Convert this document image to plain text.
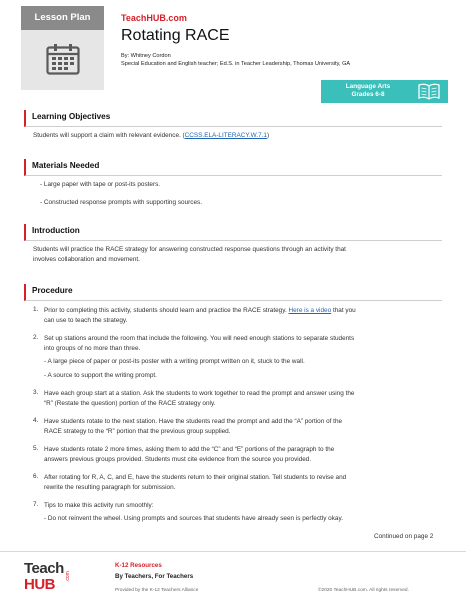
Lesson Plan	TeachHUB.com
Rotating RACE
By: Whitney Cordon
Special Education and English teacher; Ed.S. in Teacher Leadership, Thomas University, GA
Language Arts
Grades 6-8
Learning Objectives
Students will support a claim with relevant evidence. (CCSS.ELA-LITERACY.W.7.1)
Materials Needed
- Large paper with tape or post-its posters.
- Constructed response prompts with supporting sources.
Introduction
Students will practice the RACE strategy for answering constructed response questions through an activity that
involves collaboration and movement.
Procedure
1. Prior to completing this activity, students should learn and practice the RACE strategy. Here is a video that you
can use to teach the strategy.
2. Set up stations around the room that include the following. You will need enough stations to separate students
into groups of no more than three.
- A large piece of paper or post-its poster with a writing prompt written on it, stuck to the wall.
- A source to support the writing prompt.
3. Have each group start at a station. Ask the students to work together to read the prompt and answer using the
“R” (Restate the question) portion of the RACE strategy only.
4. Have students rotate to the next station. Have the students read the prompt and add the “A” portion of the
RACE strategy to the “R” portion that the previous group supplied.
5. Have students rotate 2 more times, asking them to add the “C” and “E” portions of the paragraph to the
answers previous groups provided. Students must cite evidence from the source you provided.
6. After rotating for R, A, C, and E, have the students return to their original station. Tell students to revise and
rewrite the resulting paragraph for submission.
7. Tips to make this activity run smoothly:
- Do not reinvent the wheel. Using prompts and sources that students have already seen is perfectly okay.
Continued on page 2
Teach
HUB .com
K-12 Resources
By Teachers, For Teachers
Provided by the K-12 Teachers Alliance	©2020 TeachHUB.com. All rights reserved.
